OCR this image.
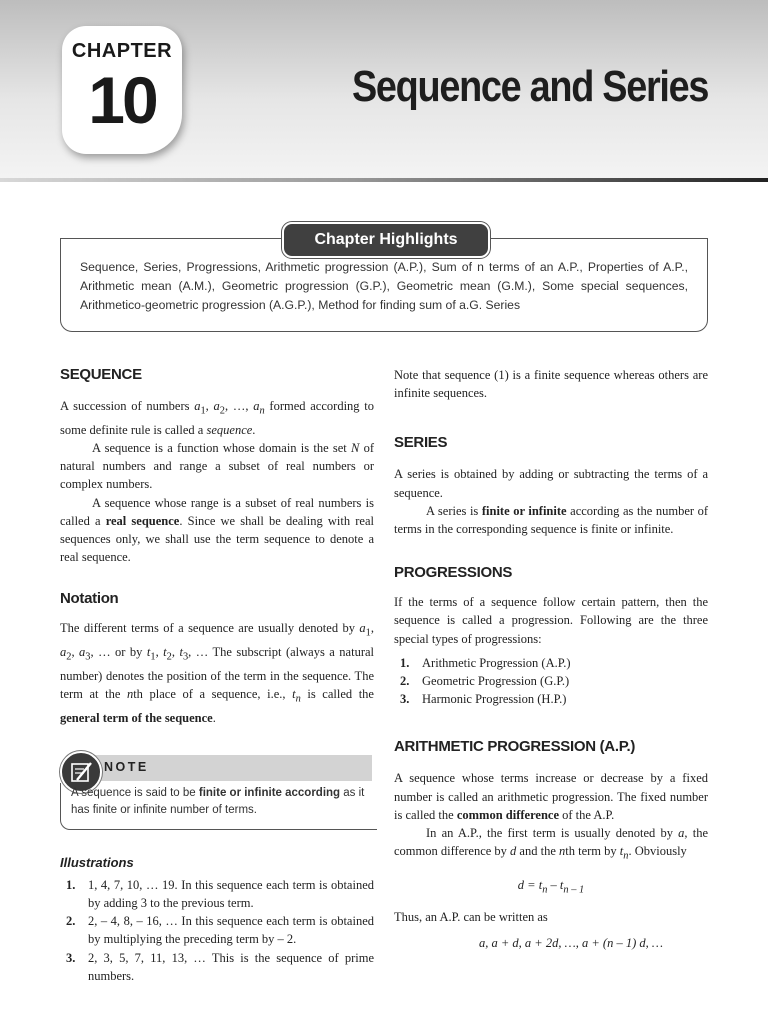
CHAPTER
10	Sequence and Series
Chapter Highlights

Sequence, Series, Progressions, Arithmetic progression (A.P.), Sum of n terms of an A.P., Properties of A.P., Arithmetic mean (A.M.), Geometric progression (G.P.), Geometric mean (G.M.), Some special sequences, Arithmetico-geometric progression (A.G.P.), Method for finding sum of a.G. Series

SEQUENCE

A succession of numbers $a_1$, $a_2$, …, $a_n$ formed according to some definite rule is called a sequence.

A sequence is a function whose domain is the set N of natural numbers and range a subset of real numbers or complex numbers.

A sequence whose range is a subset of real numbers is called a real sequence. Since we shall be dealing with real sequences only, we shall use the term sequence to denote a real sequence.

Notation

The different terms of a sequence are usually denoted by $a_1$, $a_2$, $a_3$, … or by $t_1$, $t_2$, $t_3$, … The subscript (always a natural number) denotes the position of the term in the sequence. The term at the nth place of a sequence, i.e., $t_n$ is called the general term of the sequence.

NOTE

A sequence is said to be finite or infinite according as it has finite or infinite number of terms.

Illustrations
1.	1, 4, 7, 10, … 19. In this sequence each term is obtained by adding 3 to the previous term.
2.	2, – 4, 8, – 16, … In this sequence each term is obtained by multiplying the preceding term by – 2.
3.	2, 3, 5, 7, 11, 13, … This is the sequence of prime numbers.

Note that sequence (1) is a finite sequence whereas others are infinite sequences.

SERIES

A series is obtained by adding or subtracting the terms of a sequence.

A series is finite or infinite according as the number of terms in the corresponding sequence is finite or infinite.

PROGRESSIONS

If the terms of a sequence follow certain pattern, then the sequence is called a progression. Following are the three special types of progressions:

1.	Arithmetic Progression (A.P.)
2.	Geometric Progression (G.P.)
3.	Harmonic Progression (H.P.)
ARITHMETIC PROGRESSION (A.P.)

A sequence whose terms increase or decrease by a fixed number is called an arithmetic progression. The fixed number is called the common difference of the A.P.

In an A.P., the first term is usually denoted by a, the common difference by d and the nth term by $t_n$. Obviously

$d = t_n - t_{n - 1}$

Thus, an A.P. can be written as

a, a + d, a + 2d, …, a + (n – 1) d, …
